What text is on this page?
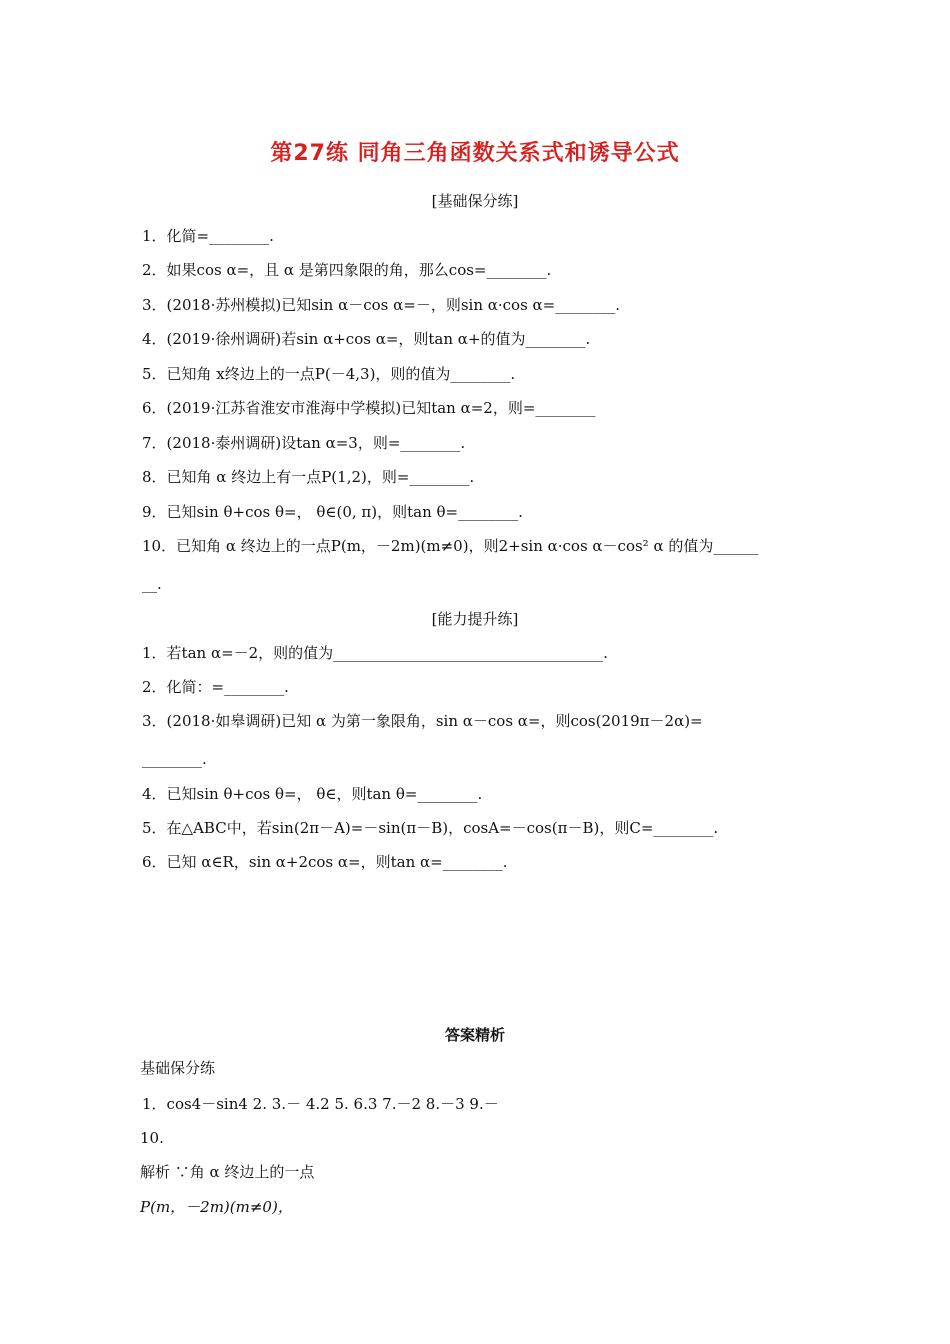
第27练 同角三角函数关系式和诱导公式
[基础保分练]
1．化简=________.
2．如果cos α=，且 α 是第四象限的角，那么cos=________.
3．(2018·苏州模拟)已知sin α－cos α=－，则sin α·cos α=________.
4．(2019·徐州调研)若sin α+cos α=，则tan α+的值为________.
5．已知角 x终边上的一点P(－4,3)，则的值为________.
6．(2019·江苏省淮安市淮海中学模拟)已知tan α=2，则=________
7．(2018·泰州调研)设tan α=3，则=________.
8．已知角 α 终边上有一点P(1,2)，则=________.
9．已知sin θ+cos θ=， θ∈(0, π)，则tan θ=________.
10．已知角 α 终边上的一点P(m，－2m)(m≠0)，则2+sin α·cos α－cos² α 的值为______
__.
[能力提升练]
1．若tan α=－2，则的值为____________________________________.
2．化简：=________.
3．(2018·如皋调研)已知 α 为第一象限角，sin α－cos α=，则cos(2019π－2α)=
________.
4．已知sin θ+cos θ=， θ∈，则tan θ=________.
5．在△ABC中，若sin(2π－A)=－sin(π－B)，cosA=－cos(π－B)，则C=________.
6．已知 α∈R，sin α+2cos α=，则tan α=________.
答案精析
基础保分练
1．cos4－sin4 2. 3.－ 4.2 5. 6.3 7.－2 8.－3 9.－
10.
解析 ∵角 α 终边上的一点
P(m，－2m)(m≠0)，
